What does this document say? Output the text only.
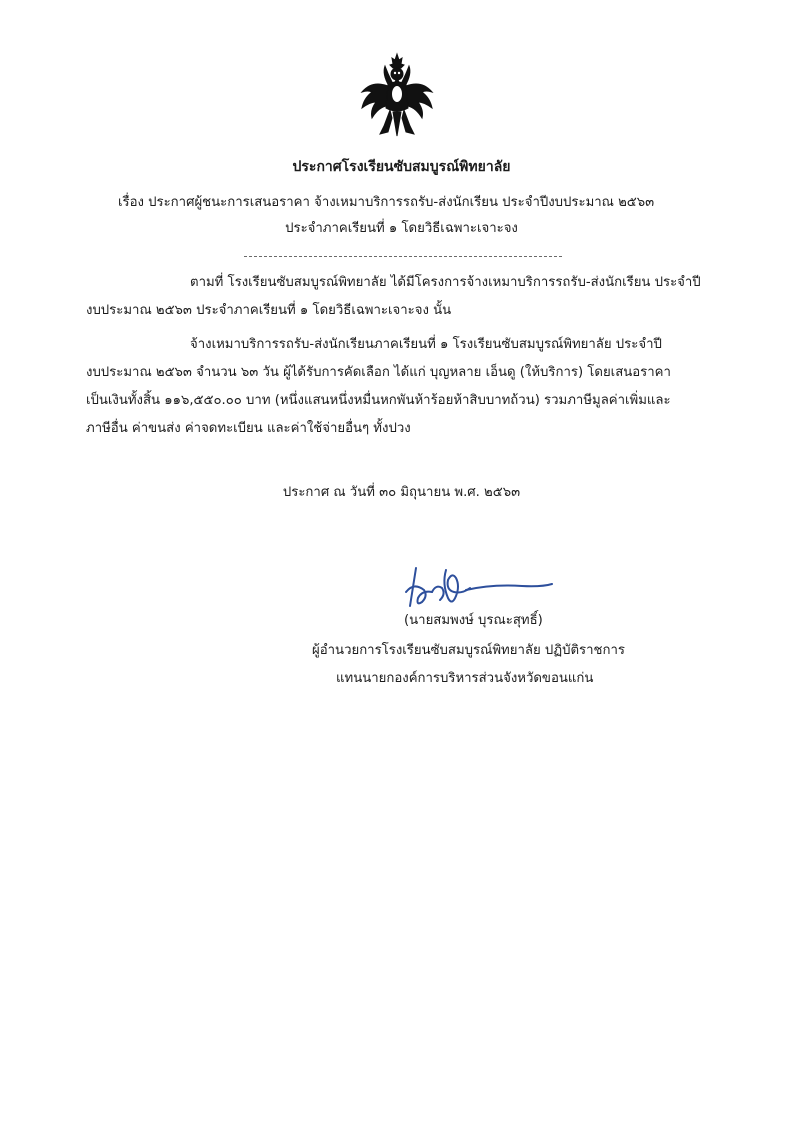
ประกาศโรงเรียนซับสมบูรณ์พิทยาลัย
เรื่อง ประกาศผู้ชนะการเสนอราคา จ้างเหมาบริการรถรับ-ส่งนักเรียน ประจำปีงบประมาณ ๒๕๖๓
ประจำภาคเรียนที่ ๑ โดยวิธีเฉพาะเจาะจง
ตามที่ โรงเรียนซับสมบูรณ์พิทยาลัย ได้มีโครงการจ้างเหมาบริการรถรับ-ส่งนักเรียน ประจำปี
งบประมาณ ๒๕๖๓ ประจำภาคเรียนที่ ๑ โดยวิธีเฉพาะเจาะจง นั้น
จ้างเหมาบริการรถรับ-ส่งนักเรียนภาคเรียนที่ ๑ โรงเรียนซับสมบูรณ์พิทยาลัย ประจำปี
งบประมาณ ๒๕๖๓ จำนวน ๖๓ วัน ผู้ได้รับการคัดเลือก ได้แก่ บุญหลาย เอ็นดู (ให้บริการ) โดยเสนอราคา
เป็นเงินทั้งสิ้น ๑๑๖,๕๕๐.๐๐ บาท (หนึ่งแสนหนึ่งหมื่นหกพันห้าร้อยห้าสิบบาทถ้วน) รวมภาษีมูลค่าเพิ่มและ
ภาษีอื่น ค่าขนส่ง ค่าจดทะเบียน และค่าใช้จ่ายอื่นๆ ทั้งปวง
ประกาศ ณ วันที่ ๓๐ มิถุนายน พ.ศ. ๒๕๖๓
(นายสมพงษ์ บุรณะสุทธิ์)
ผู้อำนวยการโรงเรียนซับสมบูรณ์พิทยาลัย ปฏิบัติราชการ
แทนนายกองค์การบริหารส่วนจังหวัดขอนแก่น
